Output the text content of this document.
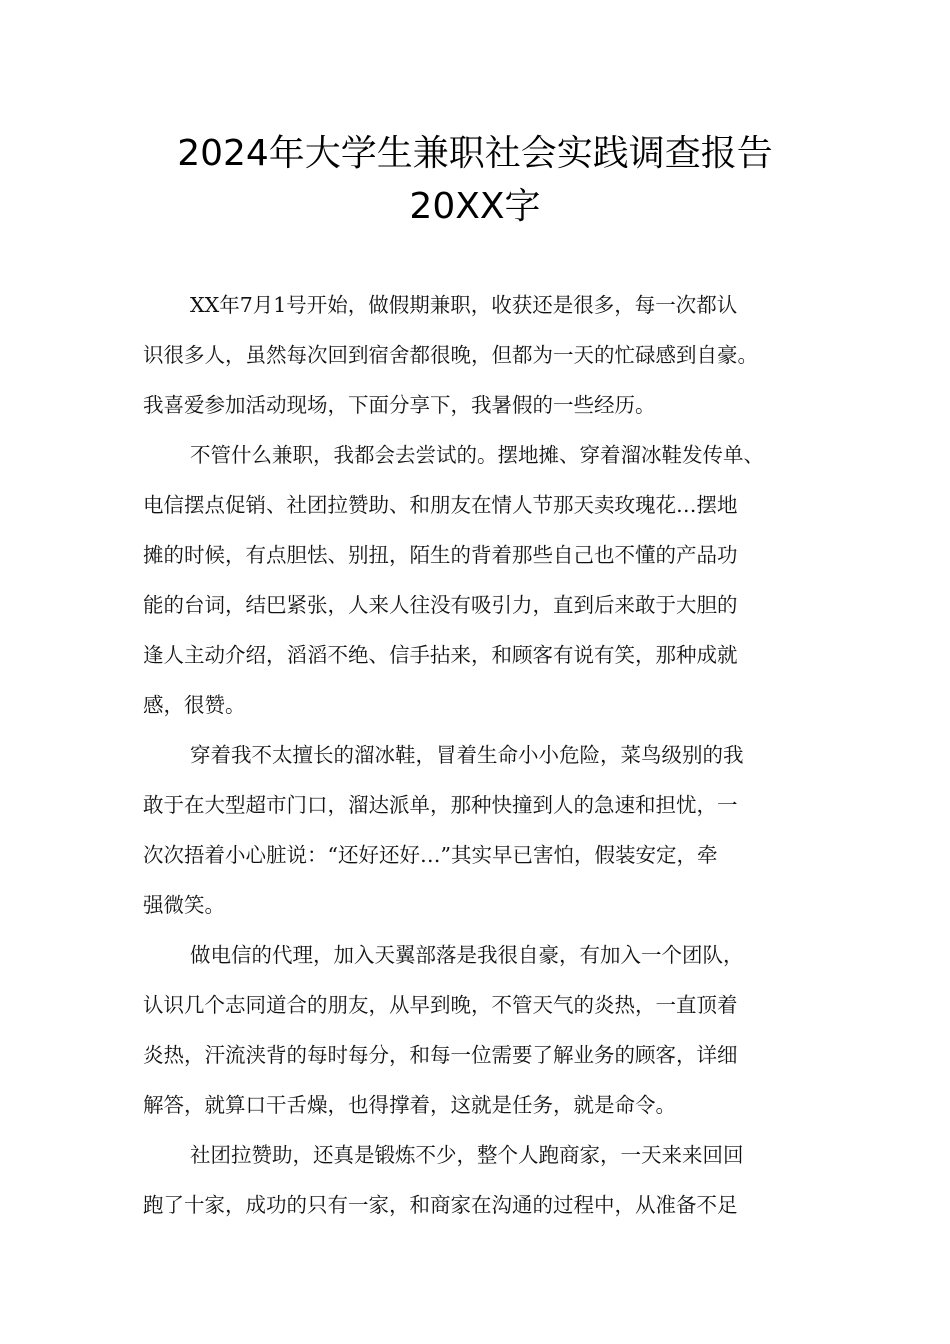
2024年大学生兼职社会实践调查报告
20XX字
XX年7月1号开始，做假期兼职，收获还是很多，每一次都认
识很多人，虽然每次回到宿舍都很晚，但都为一天的忙碌感到自豪。
我喜爱参加活动现场，下面分享下，我暑假的一些经历。
不管什么兼职，我都会去尝试的。摆地摊、穿着溜冰鞋发传单、
电信摆点促销、社团拉赞助、和朋友在情人节那天卖玫瑰花…摆地
摊的时候，有点胆怯、别扭，陌生的背着那些自己也不懂的产品功
能的台词，结巴紧张，人来人往没有吸引力，直到后来敢于大胆的
逢人主动介绍，滔滔不绝、信手拈来，和顾客有说有笑，那种成就
感，很赞。
穿着我不太擅长的溜冰鞋，冒着生命小小危险，菜鸟级别的我
敢于在大型超市门口，溜达派单，那种快撞到人的急速和担忧，一
次次捂着小心脏说：“还好还好…”其实早已害怕，假装安定，牵
强微笑。
做电信的代理，加入天翼部落是我很自豪，有加入一个团队，
认识几个志同道合的朋友，从早到晚，不管天气的炎热，一直顶着
炎热，汗流浃背的每时每分，和每一位需要了解业务的顾客，详细
解答，就算口干舌燥，也得撑着，这就是任务，就是命令。
社团拉赞助，还真是锻炼不少，整个人跑商家，一天来来回回
跑了十家，成功的只有一家，和商家在沟通的过程中，从准备不足
